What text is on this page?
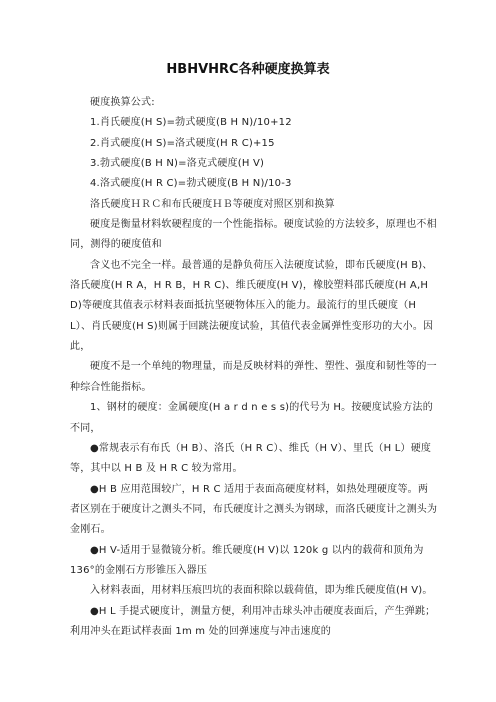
HBHVHRC各种硬度换算表

硬度换算公式:

1.肖氏硬度(H S)=勃式硬度(B H N)/10+12

2.肖式硬度(H S)=洛式硬度(H R C)+15

3.勃式硬度(B H N)=洛克式硬度(H V)

4.洛式硬度(H R C)=勃式硬度(B H N)/10-3

洛氏硬度ＨＲＣ和布氏硬度ＨＢ等硬度对照区别和换算

硬度是衡量材料软硬程度的一个性能指标。硬度试验的方法较多，原理也不相同，测得的硬度值和

含义也不完全一样。最普通的是静负荷压入法硬度试验，即布氏硬度(H B)、洛氏硬度(H R A，H R B，H R C)、维氏硬度(H V)，橡胶塑料邵氏硬度(H A,H D)等硬度其值表示材料表面抵抗坚硬物体压入的能力。最流行的里氏硬度（H L）、肖氏硬度(H S)则属于回跳法硬度试验，其值代表金属弹性变形功的大小。因此，

硬度不是一个单纯的物理量，而是反映材料的弹性、塑性、强度和韧性等的一种综合性能指标。

1、钢材的硬度：金属硬度(H a r d n e s s)的代号为 H。按硬度试验方法的不同，

●常规表示有布氏（H B）、洛氏（H R C）、维氏（H V）、里氏（H L）硬度等，其中以 H B 及 H R C 较为常用。

●H B 应用范围较广，H R C 适用于表面高硬度材料，如热处理硬度等。两者区别在于硬度计之测头不同，布氏硬度计之测头为钢球，而洛氏硬度计之测头为金刚石。

●H V-适用于显微镜分析。维氏硬度(H V)以 120k g 以内的载荷和顶角为 136°的金刚石方形锥压入器压

入材料表面，用材料压痕凹坑的表面积除以载荷值，即为维氏硬度值(H V)。

●H L 手提式硬度计，测量方便，利用冲击球头冲击硬度表面后，产生弹跳；利用冲头在距试样表面 1m m 处的回弹速度与冲击速度的
